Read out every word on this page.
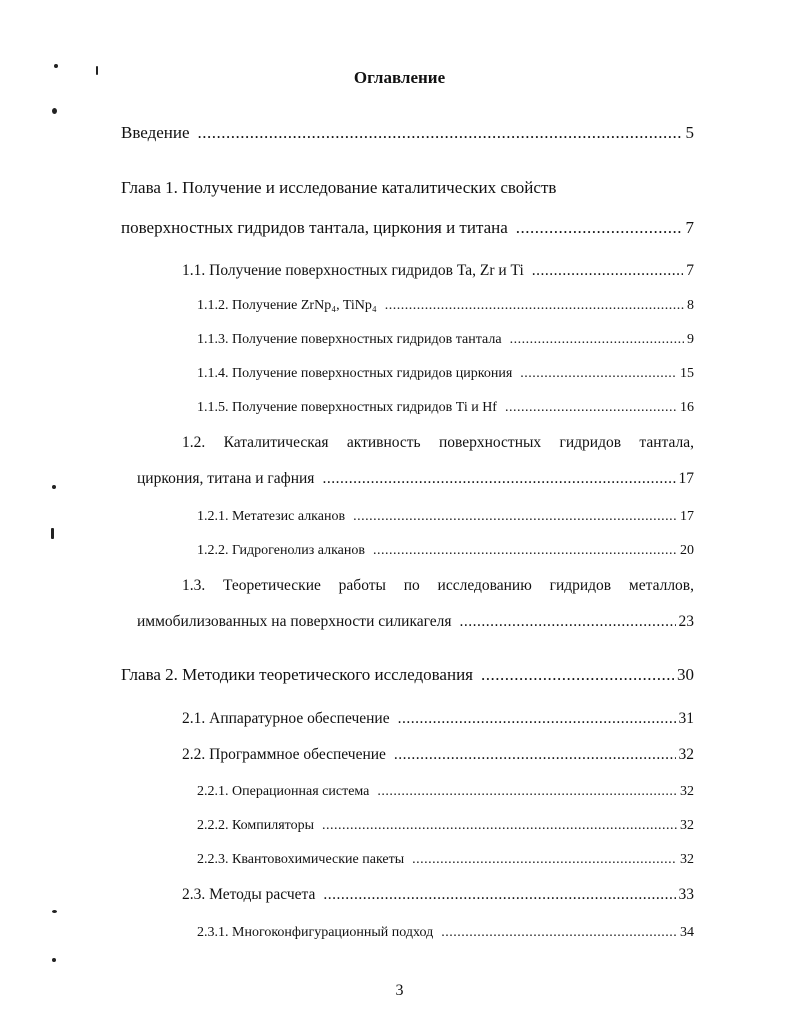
Оглавление
Введение .....	5
Глава 1. Получение и исследование каталитических свойств
поверхностных гидридов тантала, циркония и титана .....	7
1.1. Получение поверхностных гидридов Ta, Zr и Ti .....	7
1.1.2. Получение ZrNp₄, TiNp₄ .....	8
1.1.3. Получение поверхностных гидридов тантала .....	9
1.1.4. Получение поверхностных гидридов циркония .....	15
1.1.5. Получение поверхностных гидридов Ti и Hf .....	16
1.2. Каталитическая активность поверхностных гидридов тантала,
циркония, титана и гафния .....	17
1.2.1. Метатезис алканов .....	17
1.2.2. Гидрогенолиз алканов .....	20
1.3. Теоретические работы по исследованию гидридов металлов,
иммобилизованных на поверхности силикагеля .....	23
Глава 2. Методики теоретического исследования .....	30
2.1. Аппаратурное обеспечение .....	31
2.2. Программное обеспечение .....	32
2.2.1. Операционная система .....	32
2.2.2. Компиляторы .....	32
2.2.3. Квантовохимические пакеты .....	32
2.3. Методы расчета .....	33
2.3.1. Многоконфигурационный подход .....	34
3
